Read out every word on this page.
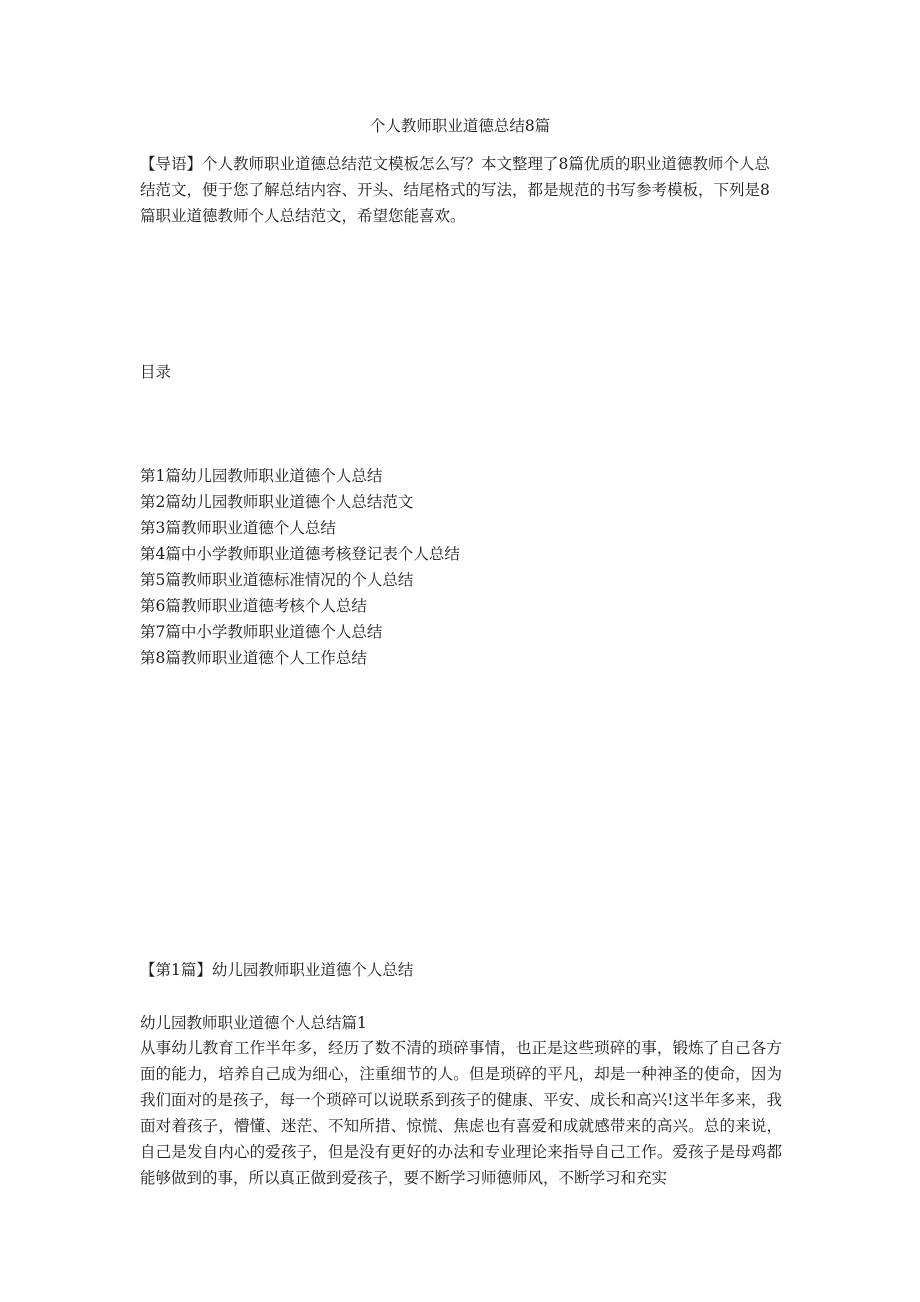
个人教师职业道德总结8篇
【导语】个人教师职业道德总结范文模板怎么写？本文整理了8篇优质的职业道德教师个人总结范文，便于您了解总结内容、开头、结尾格式的写法，都是规范的书写参考模板，下列是8篇职业道德教师个人总结范文，希望您能喜欢。
目录
第1篇幼儿园教师职业道德个人总结
第2篇幼儿园教师职业道德个人总结范文
第3篇教师职业道德个人总结
第4篇中小学教师职业道德考核登记表个人总结
第5篇教师职业道德标准情况的个人总结
第6篇教师职业道德考核个人总结
第7篇中小学教师职业道德个人总结
第8篇教师职业道德个人工作总结
【第1篇】幼儿园教师职业道德个人总结
幼儿园教师职业道德个人总结篇1
从事幼儿教育工作半年多，经历了数不清的琐碎事情，也正是这些琐碎的事，锻炼了自己各方面的能力，培养自己成为细心，注重细节的人。但是琐碎的平凡，却是一种神圣的使命，因为我们面对的是孩子，每一个琐碎可以说联系到孩子的健康、平安、成长和高兴!这半年多来，我面对着孩子，懵懂、迷茫、不知所措、惊慌、焦虑也有喜爱和成就感带来的高兴。总的来说，自己是发自内心的爱孩子，但是没有更好的办法和专业理论来指导自己工作。爱孩子是母鸡都能够做到的事，所以真正做到爱孩子，要不断学习师德师风，不断学习和充实
